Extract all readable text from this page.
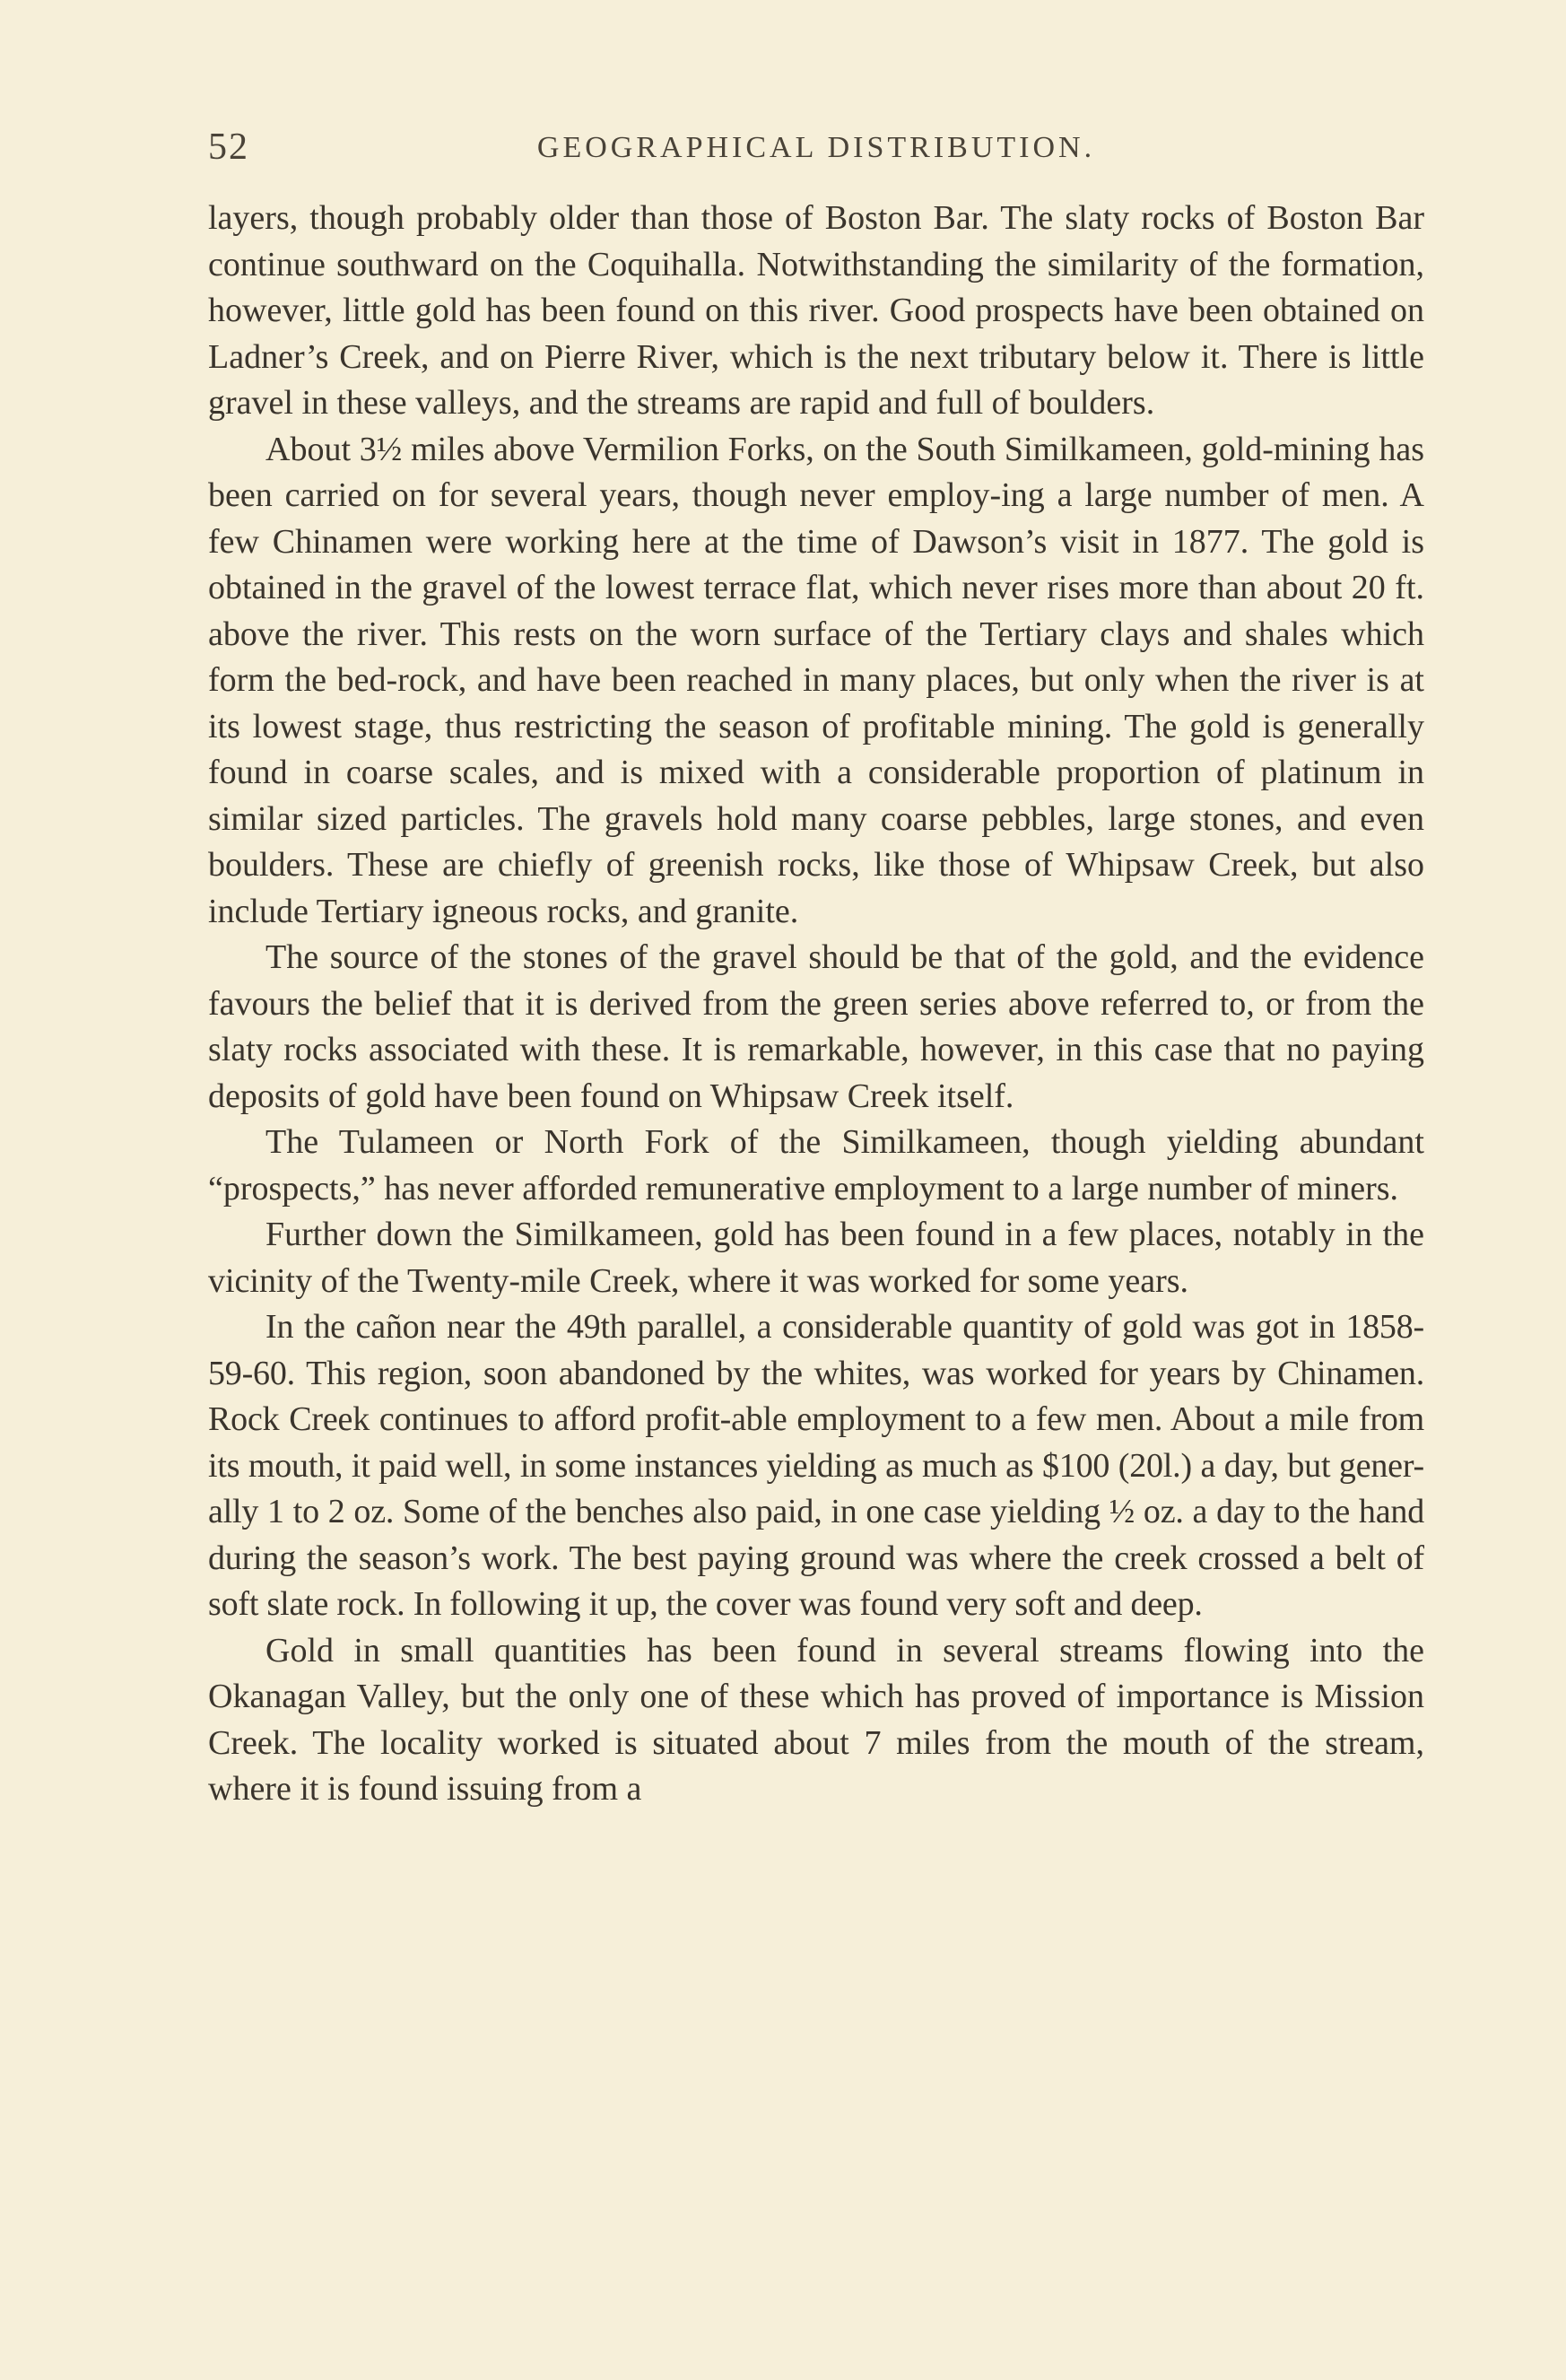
52	GEOGRAPHICAL DISTRIBUTION.

layers, though probably older than those of Boston Bar. The slaty rocks of Boston Bar continue southward on the Coquihalla. Notwithstanding the similarity of the formation, however, little gold has been found on this river. Good prospects have been obtained on Ladner’s Creek, and on Pierre River, which is the next tributary below it. There is little gravel in these valleys, and the streams are rapid and full of boulders.

About 3½ miles above Vermilion Forks, on the South Similkameen, gold-mining has been carried on for several years, though never employ-ing a large number of men. A few Chinamen were working here at the time of Dawson’s visit in 1877. The gold is obtained in the gravel of the lowest terrace flat, which never rises more than about 20 ft. above the river. This rests on the worn surface of the Tertiary clays and shales which form the bed-rock, and have been reached in many places, but only when the river is at its lowest stage, thus restricting the season of profitable mining. The gold is generally found in coarse scales, and is mixed with a considerable proportion of platinum in similar sized particles. The gravels hold many coarse pebbles, large stones, and even boulders. These are chiefly of greenish rocks, like those of Whipsaw Creek, but also include Tertiary igneous rocks, and granite.

The source of the stones of the gravel should be that of the gold, and the evidence favours the belief that it is derived from the green series above referred to, or from the slaty rocks associated with these. It is remarkable, however, in this case that no paying deposits of gold have been found on Whipsaw Creek itself.

The Tulameen or North Fork of the Similkameen, though yielding abundant “prospects,” has never afforded remunerative employment to a large number of miners.

Further down the Similkameen, gold has been found in a few places, notably in the vicinity of the Twenty-mile Creek, where it was worked for some years.

In the cañon near the 49th parallel, a considerable quantity of gold was got in 1858-59-60. This region, soon abandoned by the whites, was worked for years by Chinamen. Rock Creek continues to afford profit-able employment to a few men. About a mile from its mouth, it paid well, in some instances yielding as much as $100 (20l.) a day, but gener-ally 1 to 2 oz. Some of the benches also paid, in one case yielding ½ oz. a day to the hand during the season’s work. The best paying ground was where the creek crossed a belt of soft slate rock. In following it up, the cover was found very soft and deep.

Gold in small quantities has been found in several streams flowing into the Okanagan Valley, but the only one of these which has proved of importance is Mission Creek. The locality worked is situated about 7 miles from the mouth of the stream, where it is found issuing from a
